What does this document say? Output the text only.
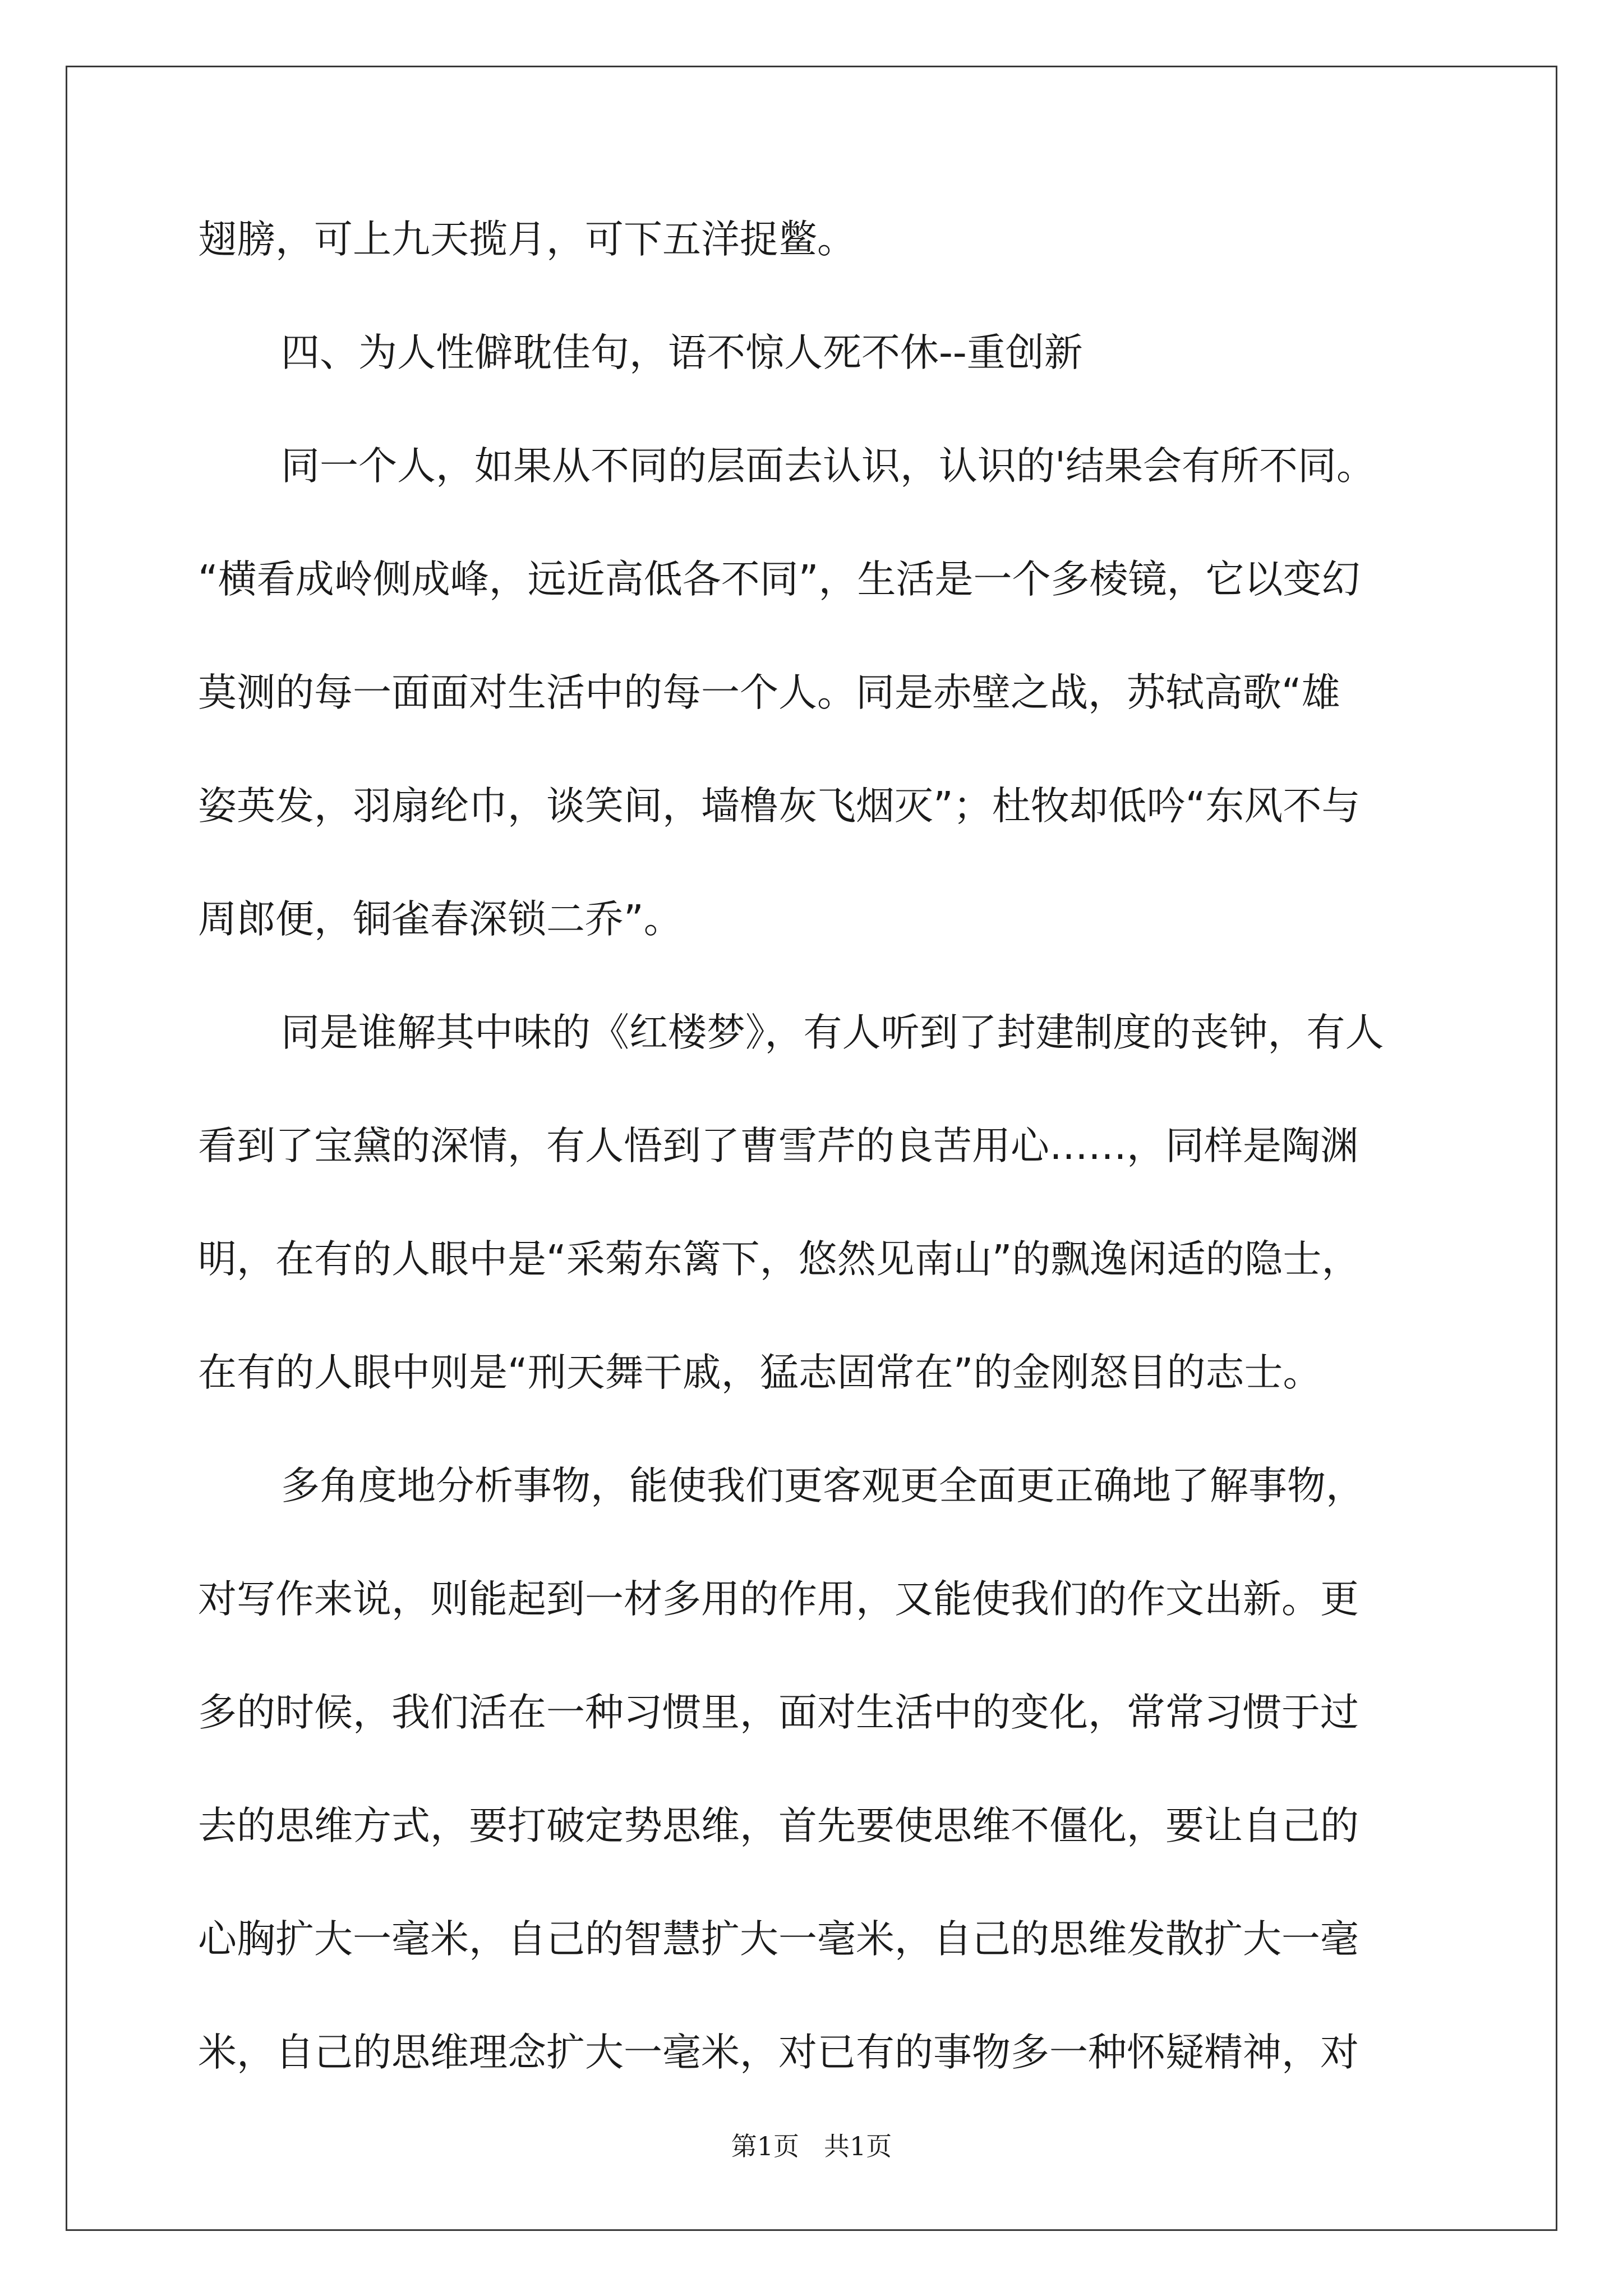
翅膀，可上九天揽月，可下五洋捉鳖。
四、为人性僻耽佳句，语不惊人死不休--重创新
同一个人，如果从不同的层面去认识，认识的'结果会有所不同。
“横看成岭侧成峰，远近高低各不同”，生活是一个多棱镜，它以变幻
莫测的每一面面对生活中的每一个人。同是赤壁之战，苏轼高歌“雄
姿英发，羽扇纶巾，谈笑间，墙橹灰飞烟灭”；杜牧却低吟“东风不与
周郎便，铜雀春深锁二乔”。
同是谁解其中味的《红楼梦》，有人听到了封建制度的丧钟，有人
看到了宝黛的深情，有人悟到了曹雪芹的良苦用心……，同样是陶渊
明，在有的人眼中是“采菊东篱下，悠然见南山”的飘逸闲适的隐士，
在有的人眼中则是“刑天舞干戚，猛志固常在”的金刚怒目的志士。
多角度地分析事物，能使我们更客观更全面更正确地了解事物，
对写作来说，则能起到一材多用的作用，又能使我们的作文出新。更
多的时候，我们活在一种习惯里，面对生活中的变化，常常习惯于过
去的思维方式，要打破定势思维，首先要使思维不僵化，要让自己的
心胸扩大一毫米，自己的智慧扩大一毫米，自己的思维发散扩大一毫
米，自己的思维理念扩大一毫米，对已有的事物多一种怀疑精神，对
第1页 共1页
